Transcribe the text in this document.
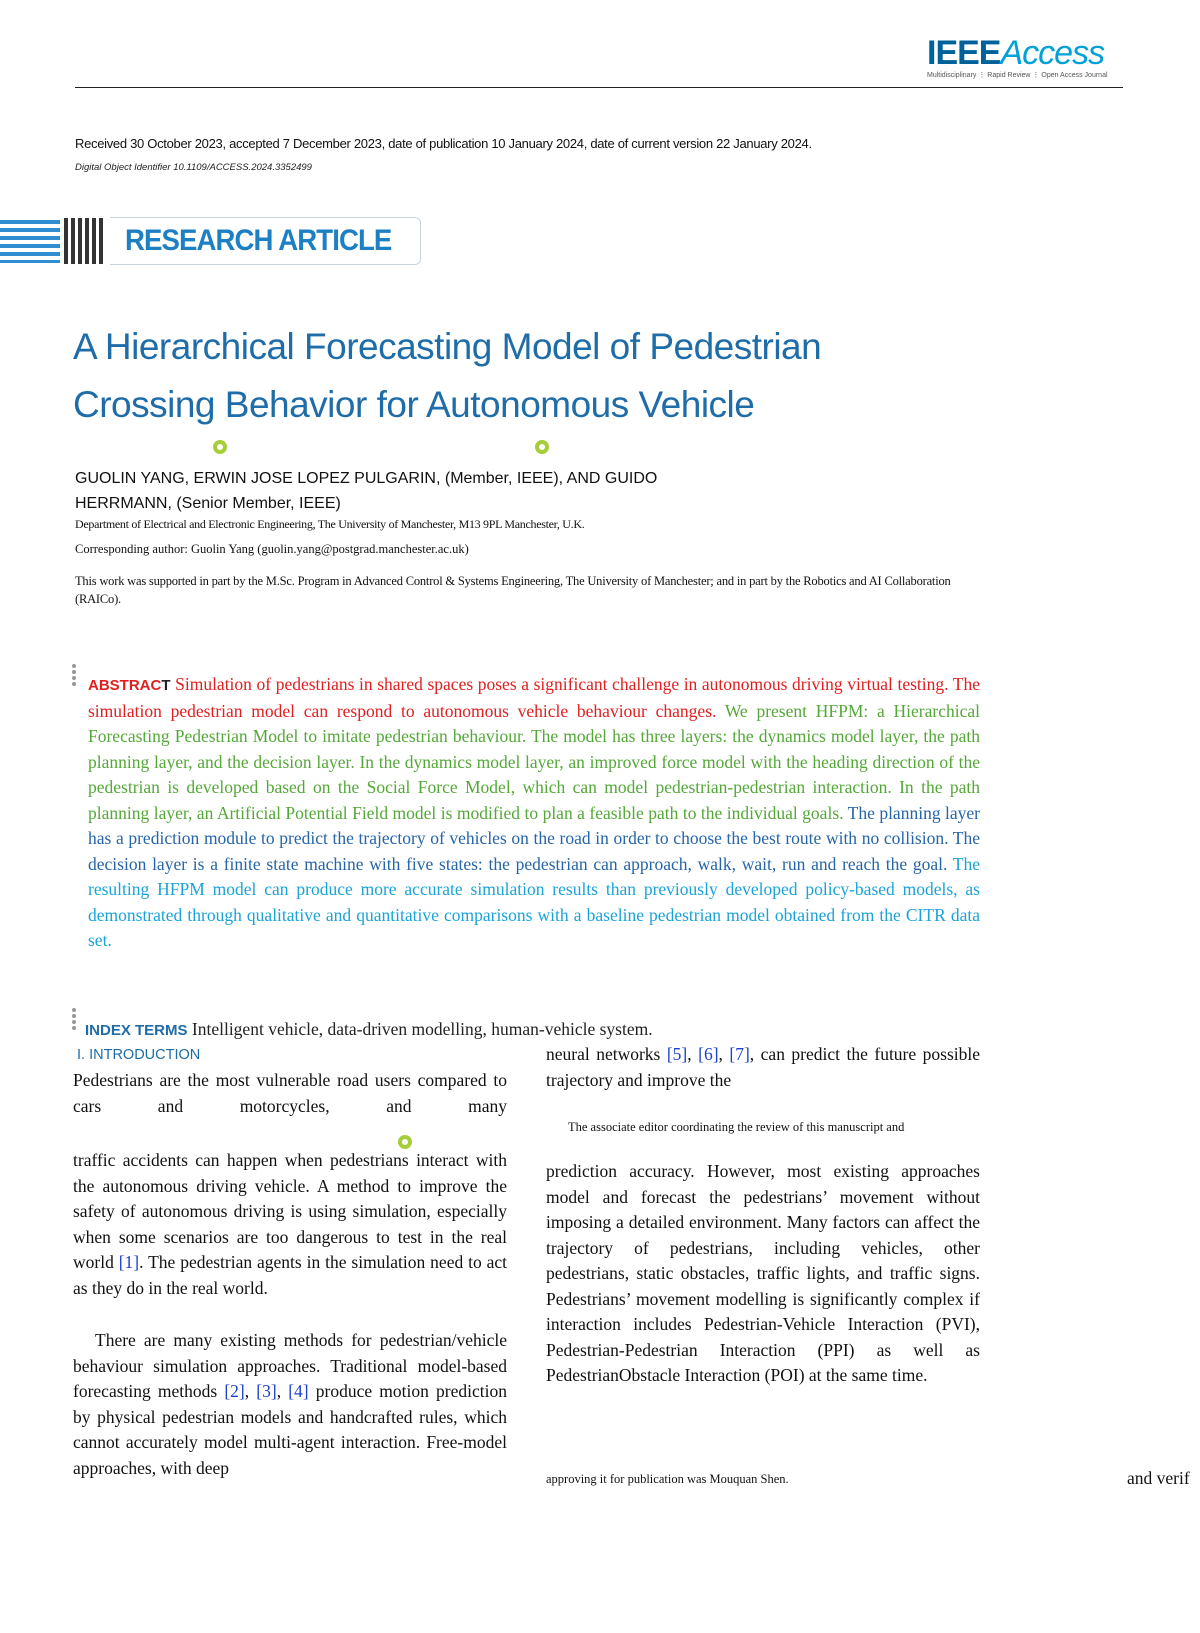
IEEEAccess
Multidisciplinary ⋮ Rapid Review ⋮ Open Access Journal
Received 30 October 2023, accepted 7 December 2023, date of publication 10 January 2024, date of current version 22 January 2024.
Digital Object Identifier 10.1109/ACCESS.2024.3352499
RESEARCH ARTICLE
A Hierarchical Forecasting Model of Pedestrian
Crossing Behavior for Autonomous Vehicle
GUOLIN YANG, ERWIN JOSE LOPEZ PULGARIN, (Member, IEEE), AND GUIDO
HERRMANN, (Senior Member, IEEE)
Department of Electrical and Electronic Engineering, The University of Manchester, M13 9PL Manchester, U.K.
Corresponding author: Guolin Yang (guolin.yang@postgrad.manchester.ac.uk)
This work was supported in part by the M.Sc. Program in Advanced Control & Systems Engineering, The University of Manchester; and in part by the Robotics and AI Collaboration (RAICo).
ABSTRACT Simulation of pedestrians in shared spaces poses a significant challenge in autonomous driving virtual testing. The simulation pedestrian model can respond to autonomous vehicle behaviour changes. We present HFPM: a Hierarchical Forecasting Pedestrian Model to imitate pedestrian behaviour. The model has three layers: the dynamics model layer, the path planning layer, and the decision layer. In the dynamics model layer, an improved force model with the heading direction of the pedestrian is developed based on the Social Force Model, which can model pedestrian-pedestrian interaction. In the path planning layer, an Artificial Potential Field model is modified to plan a feasible path to the individual goals. The planning layer has a prediction module to predict the trajectory of vehicles on the road in order to choose the best route with no collision. The decision layer is a finite state machine with five states: the pedestrian can approach, walk, wait, run and reach the goal. The resulting HFPM model can produce more accurate simulation results than previously developed policy-based models, as demonstrated through qualitative and quantitative comparisons with a baseline pedestrian model obtained from the CITR data set.
INDEX TERMS Intelligent vehicle, data-driven modelling, human-vehicle system.
I. INTRODUCTION
Pedestrians are the most vulnerable road users compared to cars and motorcycles, and many
traffic accidents can happen when pedestrians interact with the autonomous driving vehicle. A method to improve the safety of autonomous driving is using simulation, especially when some scenarios are too dangerous to test in the real world [1]. The pedestrian agents in the simulation need to act as they do in the real world.
There are many existing methods for pedestrian/vehicle behaviour simulation approaches. Traditional model-based forecasting methods [2], [3], [4] produce motion prediction by physical pedestrian models and handcrafted rules, which cannot accurately model multi-agent interaction. Free-model approaches, with deep
neural networks [5], [6], [7], can predict the future possible trajectory and improve the
The associate editor coordinating the review of this manuscript and
prediction accuracy. However, most existing approaches model and forecast the pedestrians’ movement without imposing a detailed environment. Many factors can affect the trajectory of pedestrians, including vehicles, other pedestrians, static obstacles, traffic lights, and traffic signs. Pedestrians’ movement modelling is significantly complex if interaction includes Pedestrian-Vehicle Interaction (PVI), Pedestrian-Pedestrian Interaction (PPI) as well as PedestrianObstacle Interaction (POI) at the same time.
approving it for publication was Mouquan Shen.	and verif
